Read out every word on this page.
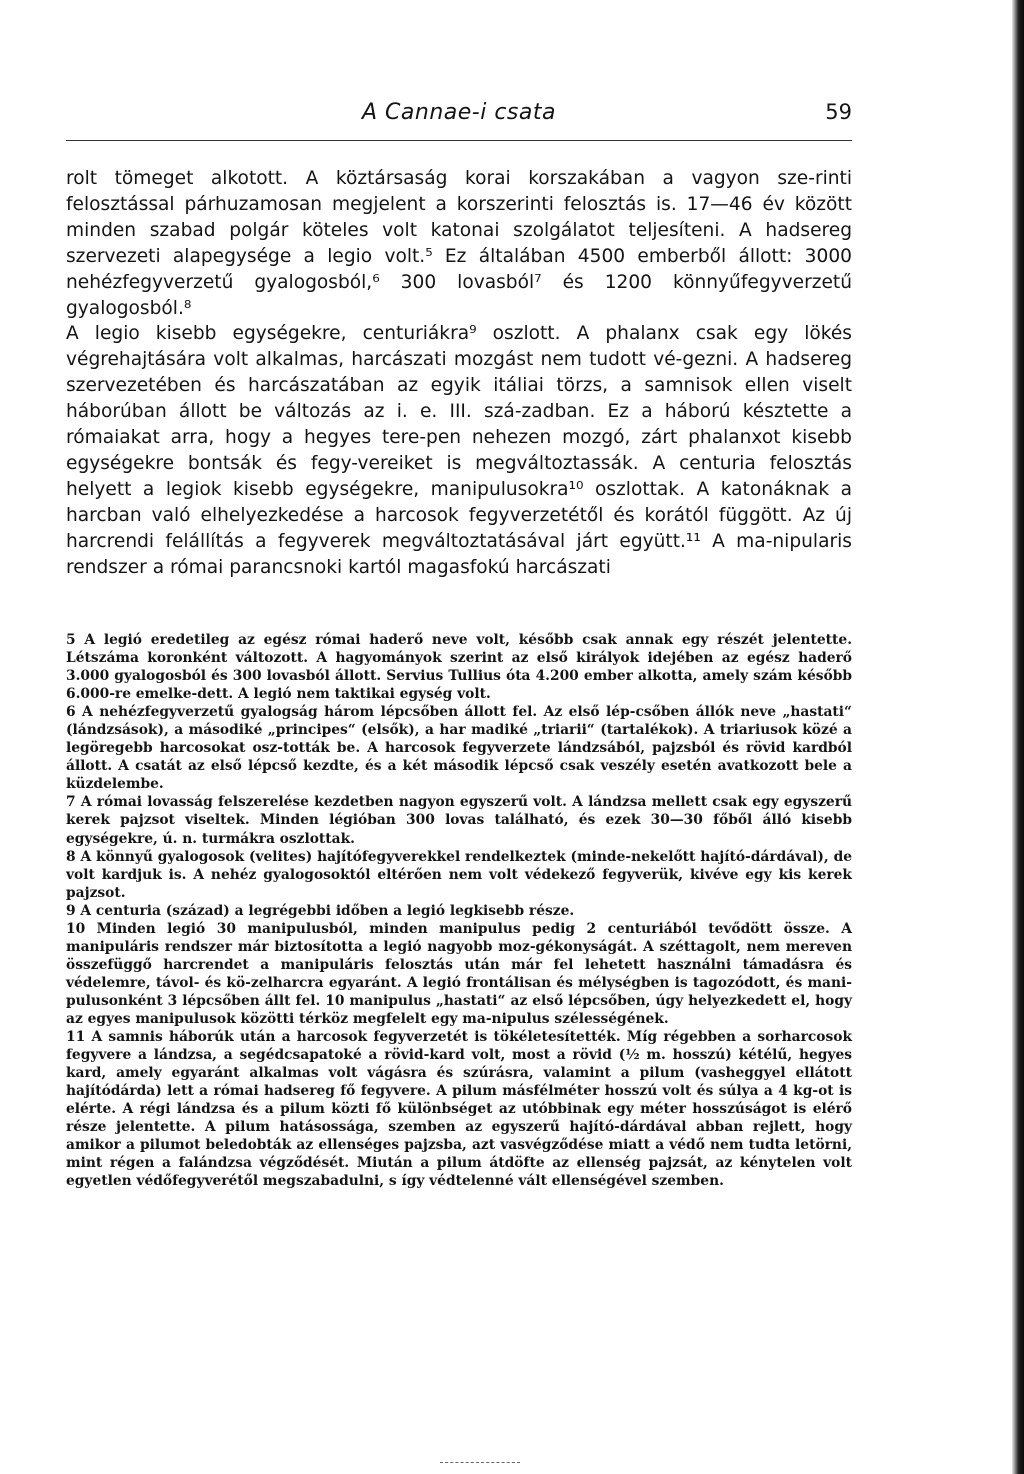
A Cannae-i csata	59

rolt tömeget alkotott. A köztársaság korai korszakában a vagyon sze-rinti felosztással párhuzamosan megjelent a korszerinti felosztás is. 17—46 év között minden szabad polgár köteles volt katonai szolgálatot teljesíteni. A hadsereg szervezeti alapegysége a legio volt.⁵ Ez általában 4500 emberből állott: 3000 nehézfegyverzetű gyalogosból,⁶ 300 lovasból⁷ és 1200 könnyűfegyverzetű gyalogosból.⁸

A legio kisebb egységekre, centuriákra⁹ oszlott. A phalanx csak egy lökés végrehajtására volt alkalmas, harcászati mozgást nem tudott vé-gezni. A hadsereg szervezetében és harcászatában az egyik itáliai törzs, a samnisok ellen viselt háborúban állott be változás az i. e. III. szá-zadban. Ez a háború késztette a rómaiakat arra, hogy a hegyes tere-pen nehezen mozgó, zárt phalanxot kisebb egységekre bontsák és fegy-vereiket is megváltoztassák. A centuria felosztás helyett a legiok kisebb egységekre, manipulusokra¹⁰ oszlottak. A katonáknak a harcban való elhelyezkedése a harcosok fegyverzetétől és korától függött. Az új harcrendi felállítás a fegyverek megváltoztatásával járt együtt.¹¹ A ma-nipularis rendszer a római parancsnoki kartól magasfokú harcászati

5 A legió eredetileg az egész római haderő neve volt, később csak annak egy részét jelentette. Létszáma koronként változott. A hagyományok szerint az első királyok idejében az egész haderő 3.000 gyalogosból és 300 lovasból állott. Servius Tullius óta 4.200 ember alkotta, amely szám később 6.000-re emelke-dett. A legió nem taktikai egység volt.

6 A nehézfegyverzetű gyalogság három lépcsőben állott fel. Az első lép-csőben állók neve „hastati“ (lándzsások), a másodiké „principes“ (elsők), a har madiké „triarii“ (tartalékok). A triariusok közé a legöregebb harcosokat osz-tották be. A harcosok fegyverzete lándzsából, pajzsból és rövid kardból állott. A csatát az első lépcső kezdte, és a két második lépcső csak veszély esetén avatkozott bele a küzdelembe.

7 A római lovasság felszerelése kezdetben nagyon egyszerű volt. A lándzsa mellett csak egy egyszerű kerek pajzsot viseltek. Minden légióban 300 lovas található, és ezek 30—30 főből álló kisebb egységekre, ú. n. turmákra oszlottak.

8 A könnyű gyalogosok (velites) hajítófegyverekkel rendelkeztek (minde-nekelőtt hajító-dárdával), de volt kardjuk is. A nehéz gyalogosoktól eltérően nem volt védekező fegyverük, kivéve egy kis kerek pajzsot.

9 A centuria (század) a legrégebbi időben a legió legkisebb része.

10 Minden legió 30 manipulusból, minden manipulus pedig 2 centuriából tevődött össze. A manipuláris rendszer már biztosította a legió nagyobb moz-gékonyságát. A széttagolt, nem mereven összefüggő harcrendet a manipuláris felosztás után már fel lehetett használni támadásra és védelemre, távol- és kö-zelharcra egyaránt. A legió frontálisan és mélységben is tagozódott, és mani-pulusonként 3 lépcsőben állt fel. 10 manipulus „hastati“ az első lépcsőben, úgy helyezkedett el, hogy az egyes manipulusok közötti térköz megfelelt egy ma-nipulus szélességének.

11 A samnis háborúk után a harcosok fegyverzetét is tökéletesítették. Míg régebben a sorharcosok fegyvere a lándzsa, a segédcsapatoké a rövid-kard volt, most a rövid (½ m. hosszú) kétélű, hegyes kard, amely egyaránt alkalmas volt vágásra és szúrásra, valamint a pilum (vasheggyel ellátott hajítódárda) lett a római hadsereg fő fegyvere. A pilum másfélméter hosszú volt és súlya a 4 kg-ot is elérte. A régi lándzsa és a pilum közti fő különbséget az utóbbinak egy méter hosszúságot is elérő része jelentette. A pilum hatásossága, szemben az egyszerű hajító-dárdával abban rejlett, hogy amikor a pilumot beledobták az ellenséges pajzsba, azt vasvégződése miatt a védő nem tudta letörni, mint régen a falándzsa végződését. Miután a pilum átdöfte az ellenség pajzsát, az kénytelen volt egyetlen védőfegyverétől megszabadulni, s így védtelenné vált ellenségével szemben.
